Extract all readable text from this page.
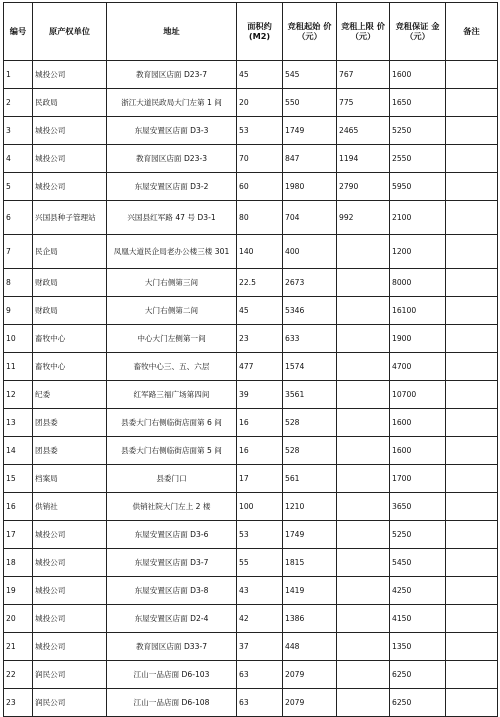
编号	原产权单位	地址	面积约 (M2)	竞租起始 价（元）	竞租上限 价（元）	竞租保证 金（元）	备注
1	城投公司	教育园区店面 D23-7	45	545	767	1600	
2	民政局	浙江大道民政局大门左第 1 间	20	550	775	1650	
3	城投公司	东屋安置区店面 D3-3	53	1749	2465	5250	
4	城投公司	教育园区店面 D23-3	70	847	1194	2550	
5	城投公司	东屋安置区店面 D3-2	60	1980	2790	5950	
6	兴国县种子管理站	兴国县红军路 47 号 D3-1	80	704	992	2100	
7	民企局	凤凰大道民企局老办公楼三楼 301	140	400		1200	
8	财政局	大门右侧第三间	22.5	2673		8000	
9	财政局	大门右侧第二间	45	5346		16100	
10	畜牧中心	中心大门左侧第一间	23	633		1900	
11	畜牧中心	畜牧中心三、五、六层	477	1574		4700	
12	纪委	红军路三福广场第四间	39	3561		10700	
13	团县委	县委大门右侧临街店面第 6 间	16	528		1600	
14	团县委	县委大门右侧临街店面第 5 间	16	528		1600	
15	档案局	县委门口	17	561		1700	
16	供销社	供销社院大门左上 2 楼	100	1210		3650	
17	城投公司	东屋安置区店面 D3-6	53	1749		5250	
18	城投公司	东屋安置区店面 D3-7	55	1815		5450	
19	城投公司	东屋安置区店面 D3-8	43	1419		4250	
20	城投公司	东屋安置区店面 D2-4	42	1386		4150	
21	城投公司	教育园区店面 D33-7	37	448		1350	
22	润民公司	江山一品店面 D6-103	63	2079		6250	
23	润民公司	江山一品店面 D6-108	63	2079		6250	
